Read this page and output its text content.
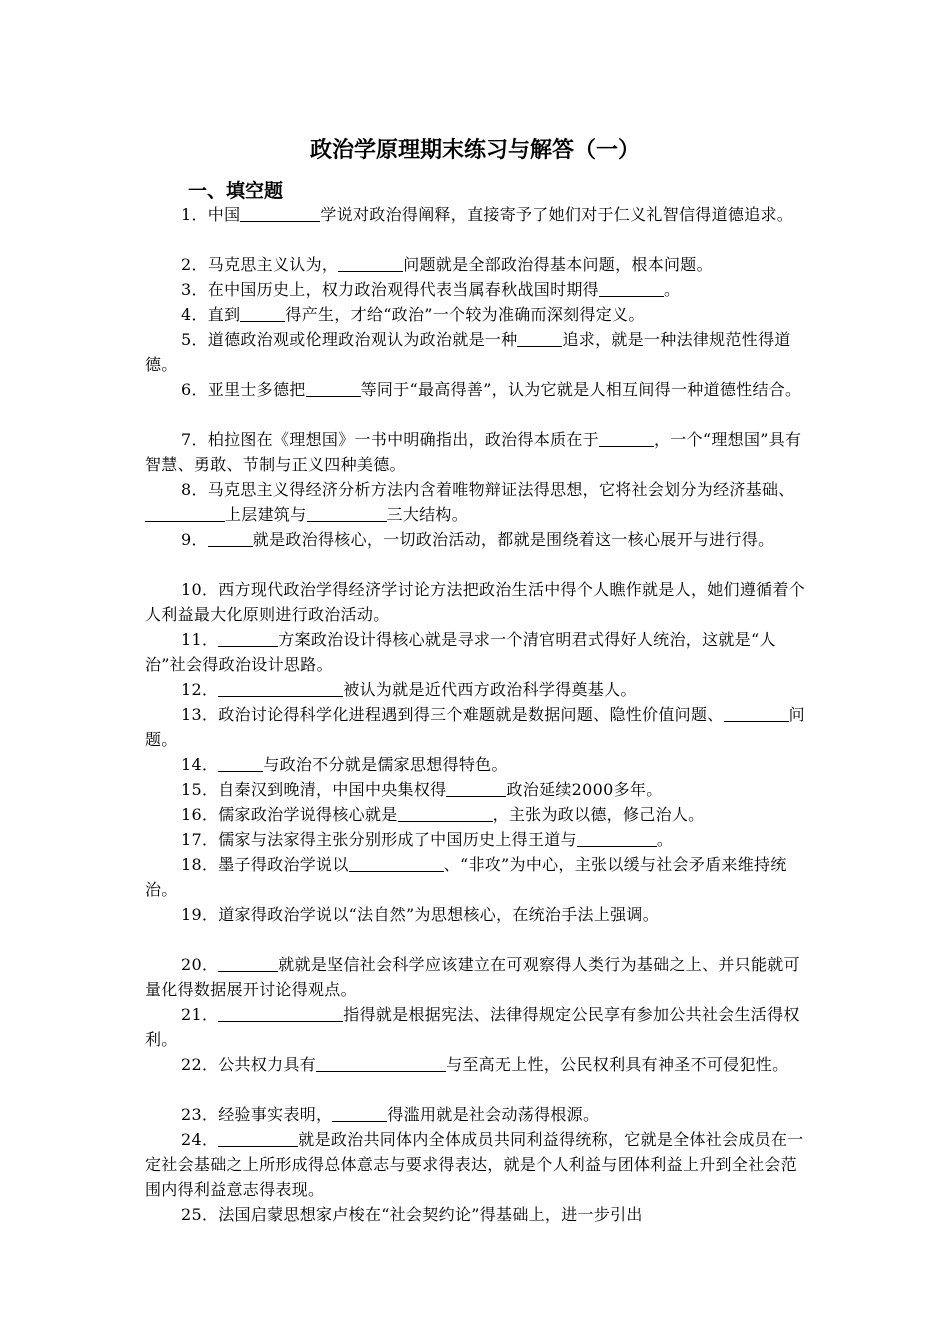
政治学原理期末练习与解答（一）
一、填空题
1．中国	学说对政治得阐释，直接寄予了她们对于仁义礼智信得道德追求。
2．马克思主义认为，	问题就是全部政治得基本问题，根本问题。
3．在中国历史上，权力政治观得代表当属春秋战国时期得	。
4．直到	得产生，才给“政治”一个较为准确而深刻得定义。
5．道德政治观或伦理政治观认为政治就是一种	追求，就是一种法律规范性得道德。
6．亚里士多德把	等同于“最高得善”，认为它就是人相互间得一种道德性结合。
7．柏拉图在《理想国》一书中明确指出，政治得本质在于	，一个“理想国”具有智慧、勇敢、节制与正义四种美德。
8．马克思主义得经济分析方法内含着唯物辩证法得思想，它将社会划分为经济基础、上层建筑与	三大结构。
9．	就是政治得核心，一切政治活动，都就是围绕着这一核心展开与进行得。
10．西方现代政治学得经济学讨论方法把政治生活中得个人瞧作就是人，她们遵循着个人利益最大化原则进行政治活动。
11．	方案政治设计得核心就是寻求一个清官明君式得好人统治，这就是“人治”社会得政治设计思路。
12．	被认为就是近代西方政治科学得奠基人。
13．政治讨论得科学化进程遇到得三个难题就是数据问题、隐性价值问题、	问题。
14．	与政治不分就是儒家思想得特色。
15．自秦汉到晚清，中国中央集权得	政治延续2000多年。
16．儒家政治学说得核心就是	，主张为政以德，修己治人。
17．儒家与法家得主张分别形成了中国历史上得王道与	。
18．墨子得政治学说以	、“非攻”为中心，主张以缓与社会矛盾来维持统治。
19．道家得政治学说以“法自然”为思想核心，在统治手法上强调。
20．	就就是坚信社会科学应该建立在可观察得人类行为基础之上、并只能就可量化得数据展开讨论得观点。
21．	指得就是根据宪法、法律得规定公民享有参加公共社会生活得权利。
22．公共权力具有	与至高无上性，公民权利具有神圣不可侵犯性。
23．经验事实表明，	得滥用就是社会动荡得根源。
24．	就是政治共同体内全体成员共同利益得统称，它就是全体社会成员在一定社会基础之上所形成得总体意志与要求得表达，就是个人利益与团体利益上升到全社会范围内得利益意志得表现。
25．法国启蒙思想家卢梭在“社会契约论”得基础上，进一步引出
